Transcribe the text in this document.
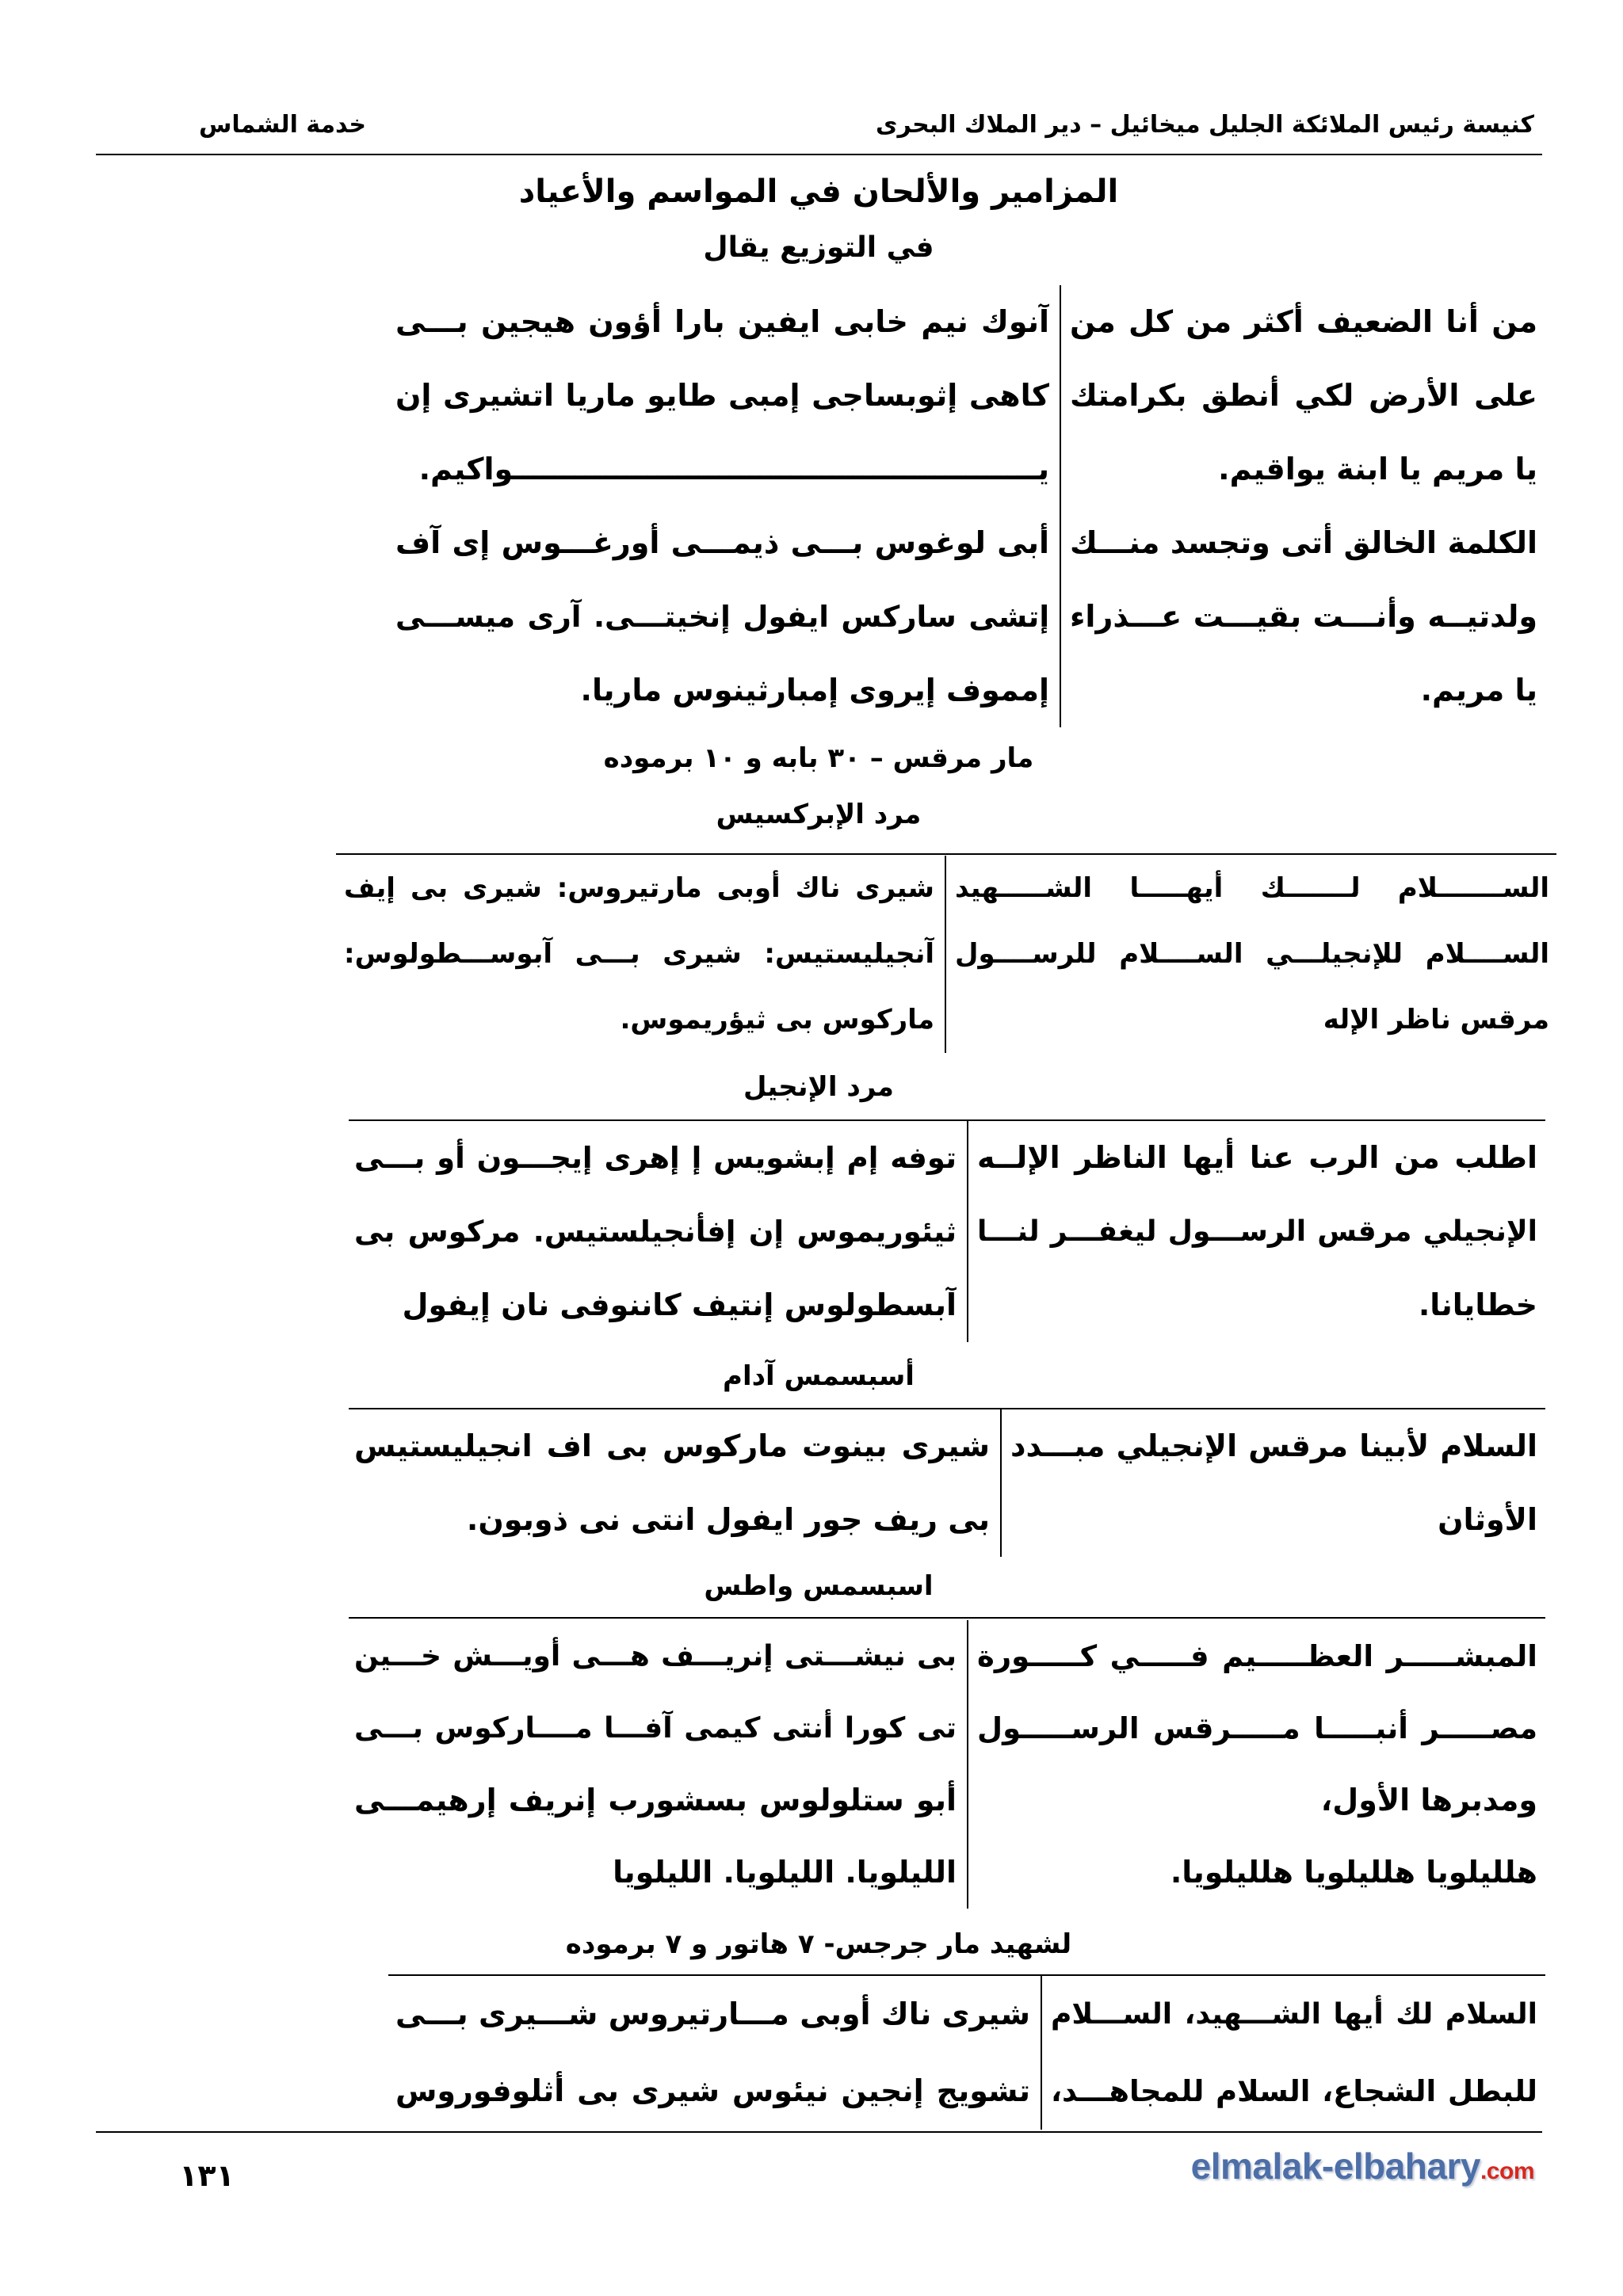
كنيسة رئيس الملائكة الجليل ميخائيل – دير الملاك البحرى
خدمة الشماس
المزامير والألحان في المواسم والأعياد
في التوزيع يقال
من أنا الضعيف أكثر من كل من
على الأرض لكي أنطق بكرامتك
يا مريم يا ابنة يواقيم.
الكلمة الخالق أتى وتجسد منـــك
ولدتيــه وأنـــت بقيـــت عـــذراء
يا مريم.
آنوك نيم خابى ايفين بارا أؤون هيجين بـــى
كاهى إثوبساجى إمبى طايو ماريا اتشيرى إن
يـــــــــــــــــــــــــــــــــــــــــــــــــــواكيم.
أبى لوغوس بـــى ذيمـــى أورغـــوس إى آف
إتشى ساركس ايفول إنخيتـــى. آرى ميســـى
إمموف إيروى إمبارثينوس ماريا.
مار مرقس – ٣٠ بابه و ١٠ برموده
مرد الإبركسيس
الســـــــلام لـــــــك أيهـــــا الشـــــهيد
الســــلام للإنجيلـــي الســــلام للرســــول
مرقس ناظر الإله
شيرى ناك أوبى مارتيروس: شيرى بى إيف
آنجيليستيس: شيرى بـــى آبوســـطولوس:
ماركوس بى ثيؤريموس.
مرد الإنجيل
اطلب من الرب عنا أيها الناظر الإلــه
الإنجيلي مرقس الرســـول ليغفـــر لنـــا
خطايانا.
توفه إم إبشويس إ إهرى إيجـــون أو بـــى
ثيئوريموس إن إفأنجيلستيس. مركوس بى
آبسطولوس إنتيف كاننوفى نان إيفول
أسبسمس آدام
السلام لأبينا مرقس الإنجيلي مبـــدد
الأوثان
شيرى بينوت ماركوس بى اف انجيليستيس
بى ريف جور ايفول انتى نى ذوبون.
اسبسمس واطس
المبشـــــر العظـــــيم فـــــي كـــــورة
مصـــــر أنبـــــا مـــــرقس الرســـــول
ومدبرها الأول،
هلليلويا هلليلويا هلليلويا.
بى نيشـــتى إنريـــف هـــى أويـــش خـــين
تى كورا أنتى كيمى آفـــا مــــاركوس بـــى
أبو ستلولوس بسشورب إنريف إرهيمـــى
الليلويا. الليلويا. الليلويا
لشهيد مار جرجس- ٧ هاتور و ٧ برموده
السلام لك أيها الشـــهيد، الســـلام
للبطل الشجاع، السلام للمجاهـــد،
شيرى ناك أوبى مـــارتيروس شـــيرى بـــى
تشويج إنجين نيئوس شيرى بى أثلوفوروس
١٣١	elmalak-elbahary.com
